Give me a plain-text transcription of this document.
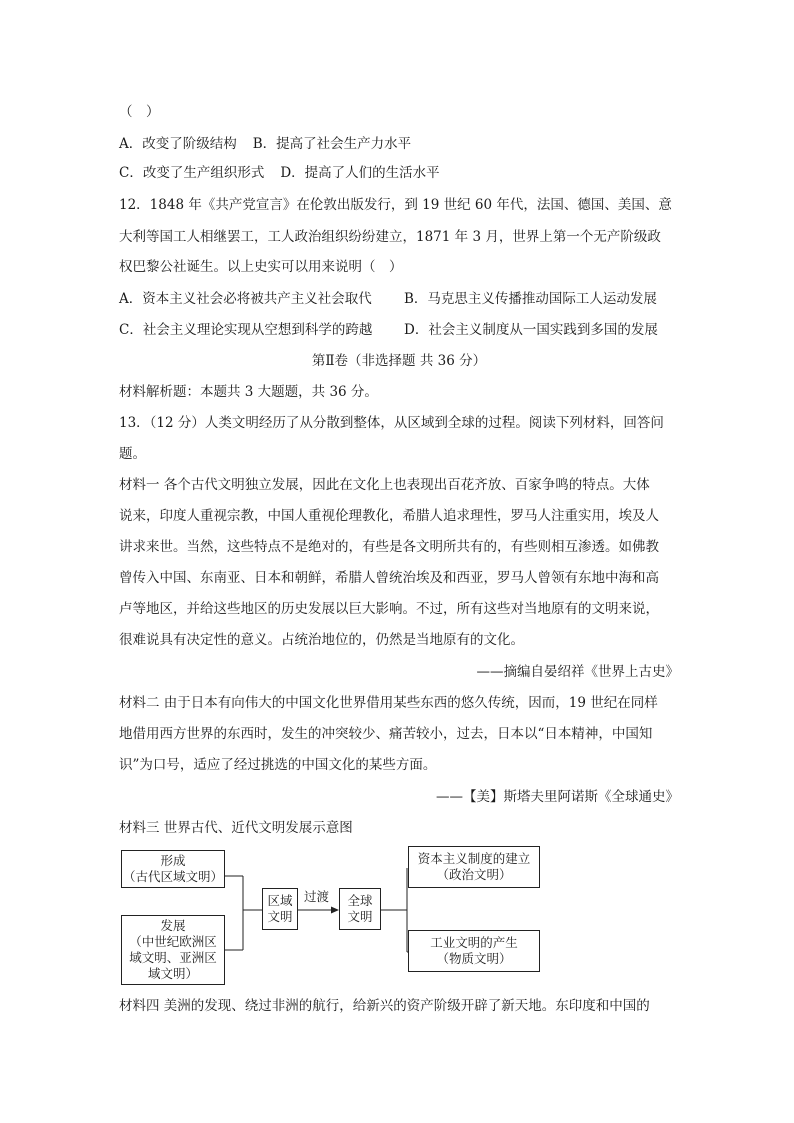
（　）
A．改变了阶级结构 B．提高了社会生产力水平
C．改变了生产组织形式 D．提高了人们的生活水平
12．1848 年《共产党宣言》在伦敦出版发行，到 19 世纪 60 年代，法国、德国、美国、意
大利等国工人相继罢工，工人政治组织纷纷建立，1871 年 3 月，世界上第一个无产阶级政
权巴黎公社诞生。以上史实可以用来说明（　）
A．资本主义社会必将被共产主义社会取代 B．马克思主义传播推动国际工人运动发展
C．社会主义理论实现从空想到科学的跨越 D．社会主义制度从一国实践到多国的发展
第Ⅱ卷（非选择题 共 36 分）
材料解析题：本题共 3 大题题，共 36 分。
13．（12 分）人类文明经历了从分散到整体，从区域到全球的过程。阅读下列材料，回答问
题。
材料一 各个古代文明独立发展，因此在文化上也表现出百花齐放、百家争鸣的特点。大体
说来，印度人重视宗教，中国人重视伦理教化，希腊人追求理性，罗马人注重实用，埃及人
讲求来世。当然，这些特点不是绝对的，有些是各文明所共有的，有些则相互渗透。如佛教
曾传入中国、东南亚、日本和朝鲜，希腊人曾统治埃及和西亚，罗马人曾领有东地中海和高
卢等地区，并给这些地区的历史发展以巨大影响。不过，所有这些对当地原有的文明来说，
很难说具有决定性的意义。占统治地位的，仍然是当地原有的文化。
——摘编自晏绍祥《世界上古史》
材料二 由于日本有向伟大的中国文化世界借用某些东西的悠久传统，因而，19 世纪在同样
地借用西方世界的东西时，发生的冲突较少、痛苦较小，过去，日本以“日本精神，中国知
识”为口号，适应了经过挑选的中国文化的某些方面。
——【美】斯塔夫里阿诺斯《全球通史》
材料三 世界古代、近代文明发展示意图
形成
（古代区域文明）
发展
（中世纪欧洲区
域文明、亚洲区
域文明）
区域
文明
过渡 全球
文明
资本主义制度的建立
（政治文明）
工业文明的产生
（物质文明）
材料四 美洲的发现、绕过非洲的航行，给新兴的资产阶级开辟了新天地。东印度和中国的
